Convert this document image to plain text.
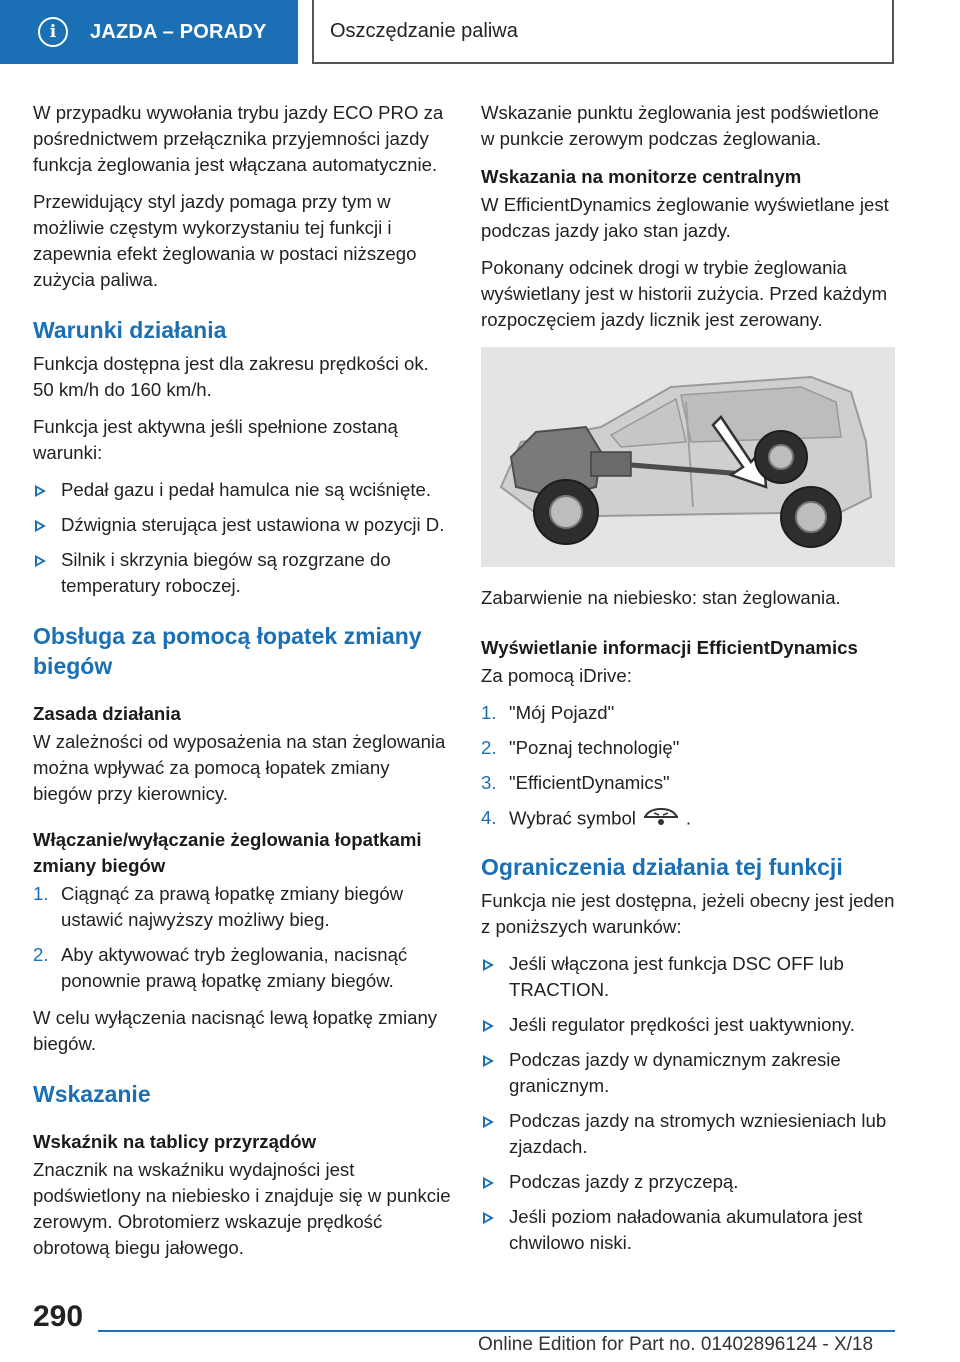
i	JAZDA – PORADY	Oszczędzanie paliwa

W przypadku wywołania trybu jazdy ECO PRO za pośrednictwem przełącznika przyjemności jazdy funkcja żeglowania jest włączana automatycznie.

Przewidujący styl jazdy pomaga przy tym w możliwie częstym wykorzystaniu tej funkcji i zapewnia efekt żeglowania w postaci niższego zużycia paliwa.

Warunki działania

Funkcja dostępna jest dla zakresu prędkości ok. 50 km/h do 160 km/h.

Funkcja jest aktywna jeśli spełnione zostaną warunki:

Pedał gazu i pedał hamulca nie są wciśnięte.
Dźwignia sterująca jest ustawiona w pozycji D.
Silnik i skrzynia biegów są rozgrzane do temperatury roboczej.
Obsługa za pomocą łopatek zmiany biegów
Zasada działania

W zależności od wyposażenia na stan żeglowania można wpływać za pomocą łopatek zmiany biegów przy kierownicy.

Włączanie/wyłączanie żeglowania łopatkami zmiany biegów
1. Ciągnąć za prawą łopatkę zmiany biegów ustawić najwyższy możliwy bieg.
2. Aby aktywować tryb żeglowania, nacisnąć ponownie prawą łopatkę zmiany biegów.

W celu wyłączenia nacisnąć lewą łopatkę zmiany biegów.

Wskazanie
Wskaźnik na tablicy przyrządów

Znacznik na wskaźniku wydajności jest podświetlony na niebiesko i znajduje się w punkcie zerowym. Obrotomierz wskazuje prędkość obrotową biegu jałowego.

Wskazanie punktu żeglowania jest podświetlone w punkcie zerowym podczas żeglowania.

Wskazania na monitorze centralnym

W EfficientDynamics żeglowanie wyświetlane jest podczas jazdy jako stan jazdy.

Pokonany odcinek drogi w trybie żeglowania wyświetlany jest w historii zużycia. Przed każdym rozpoczęciem jazdy licznik jest zerowany.

Zabarwienie na niebiesko: stan żeglowania.

Wyświetlanie informacji EfficientDynamics

Za pomocą iDrive:

1. "Mój Pojazd"
2. "Poznaj technologię"
3. "EfficientDynamics"
4. Wybrać symbol	.
Ograniczenia działania tej funkcji

Funkcja nie jest dostępna, jeżeli obecny jest jeden z poniższych warunków:

Jeśli włączona jest funkcja DSC OFF lub TRACTION.
Jeśli regulator prędkości jest uaktywniony.
Podczas jazdy w dynamicznym zakresie granicznym.
Podczas jazdy na stromych wzniesieniach lub zjazdach.
Podczas jazdy z przyczepą.
Jeśli poziom naładowania akumulatora jest chwilowo niski.
290
Online Edition for Part no. 01402896124 - X/18
